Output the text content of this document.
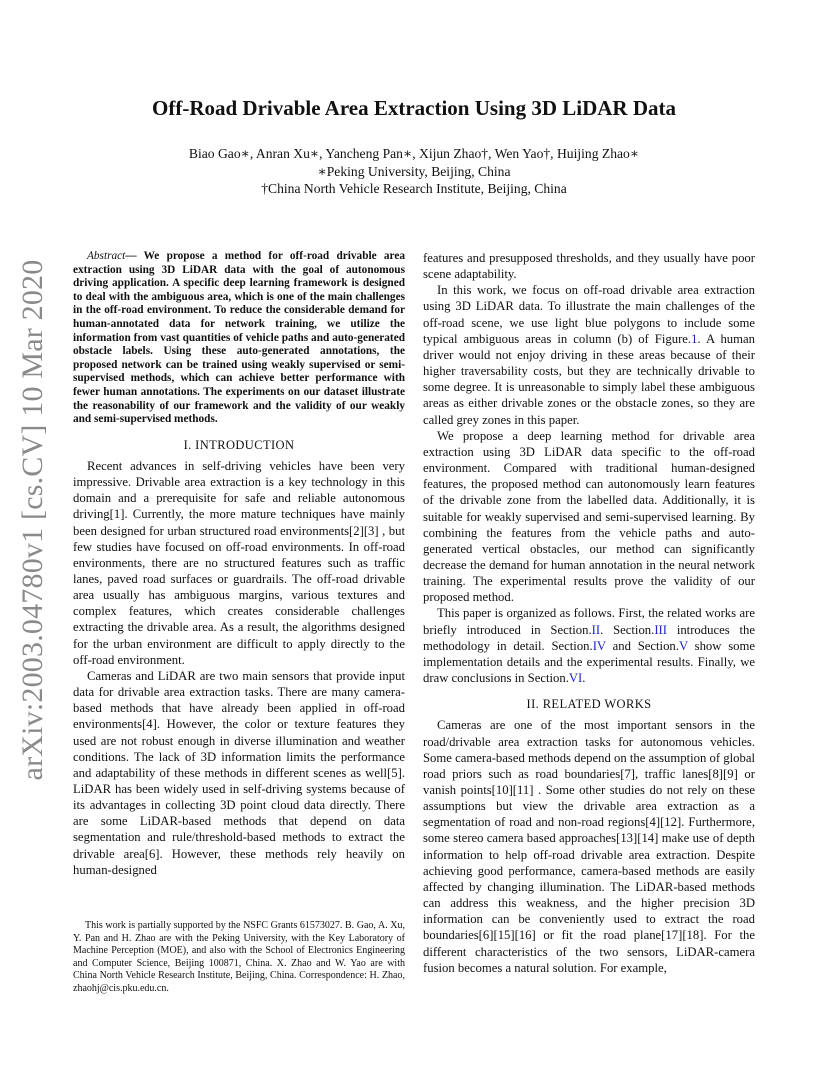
arXiv:2003.04780v1 [cs.CV] 10 Mar 2020
Off-Road Drivable Area Extraction Using 3D LiDAR Data
Biao Gao∗, Anran Xu∗, Yancheng Pan∗, Xijun Zhao†, Wen Yao†, Huijing Zhao∗
∗Peking University, Beijing, China
†China North Vehicle Research Institute, Beijing, China

Abstract— We propose a method for off-road drivable area extraction using 3D LiDAR data with the goal of autonomous driving application. A specific deep learning framework is designed to deal with the ambiguous area, which is one of the main challenges in the off-road environment. To reduce the considerable demand for human-annotated data for network training, we utilize the information from vast quantities of vehicle paths and auto-generated obstacle labels. Using these auto-generated annotations, the proposed network can be trained using weakly supervised or semi-supervised methods, which can achieve better performance with fewer human annotations. The experiments on our dataset illustrate the reasonability of our framework and the validity of our weakly and semi-supervised methods.

I. INTRODUCTION

Recent advances in self-driving vehicles have been very impressive. Drivable area extraction is a key technology in this domain and a prerequisite for safe and reliable autonomous driving[1]. Currently, the more mature techniques have mainly been designed for urban structured road environments[2][3] , but few studies have focused on off-road environments. In off-road environments, there are no structured features such as traffic lanes, paved road surfaces or guardrails. The off-road drivable area usually has ambiguous margins, various textures and complex features, which creates considerable challenges extracting the drivable area. As a result, the algorithms designed for the urban environment are difficult to apply directly to the off-road environment.

Cameras and LiDAR are two main sensors that provide input data for drivable area extraction tasks. There are many camera-based methods that have already been applied in off-road environments[4]. However, the color or texture features they used are not robust enough in diverse illumination and weather conditions. The lack of 3D information limits the performance and adaptability of these methods in different scenes as well[5]. LiDAR has been widely used in self-driving systems because of its advantages in collecting 3D point cloud data directly. There are some LiDAR-based methods that depend on data segmentation and rule/threshold-based methods to extract the drivable area[6]. However, these methods rely heavily on human-designed

This work is partially supported by the NSFC Grants 61573027. B. Gao, A. Xu, Y. Pan and H. Zhao are with the Peking University, with the Key Laboratory of Machine Perception (MOE), and also with the School of Electronics Engineering and Computer Science, Beijing 100871, China. X. Zhao and W. Yao are with China North Vehicle Research Institute, Beijing, China. Correspondence: H. Zhao, zhaohj@cis.pku.edu.cn.

features and presupposed thresholds, and they usually have poor scene adaptability.

In this work, we focus on off-road drivable area extraction using 3D LiDAR data. To illustrate the main challenges of the off-road scene, we use light blue polygons to include some typical ambiguous areas in column (b) of Figure.1. A human driver would not enjoy driving in these areas because of their higher traversability costs, but they are technically drivable to some degree. It is unreasonable to simply label these ambiguous areas as either drivable zones or the obstacle zones, so they are called grey zones in this paper.

We propose a deep learning method for drivable area extraction using 3D LiDAR data specific to the off-road environment. Compared with traditional human-designed features, the proposed method can autonomously learn features of the drivable zone from the labelled data. Additionally, it is suitable for weakly supervised and semi-supervised learning. By combining the features from the vehicle paths and auto-generated vertical obstacles, our method can significantly decrease the demand for human annotation in the neural network training. The experimental results prove the validity of our proposed method.

This paper is organized as follows. First, the related works are briefly introduced in Section.II. Section.III introduces the methodology in detail. Section.IV and Section.V show some implementation details and the experimental results. Finally, we draw conclusions in Section.VI.

II. RELATED WORKS

Cameras are one of the most important sensors in the road/drivable area extraction tasks for autonomous vehicles. Some camera-based methods depend on the assumption of global road priors such as road boundaries[7], traffic lanes[8][9] or vanish points[10][11] . Some other studies do not rely on these assumptions but view the drivable area extraction as a segmentation of road and non-road regions[4][12]. Furthermore, some stereo camera based approaches[13][14] make use of depth information to help off-road drivable area extraction. Despite achieving good performance, camera-based methods are easily affected by changing illumination. The LiDAR-based methods can address this weakness, and the higher precision 3D information can be conveniently used to extract the road boundaries[6][15][16] or fit the road plane[17][18]. For the different characteristics of the two sensors, LiDAR-camera fusion becomes a natural solution. For example,
